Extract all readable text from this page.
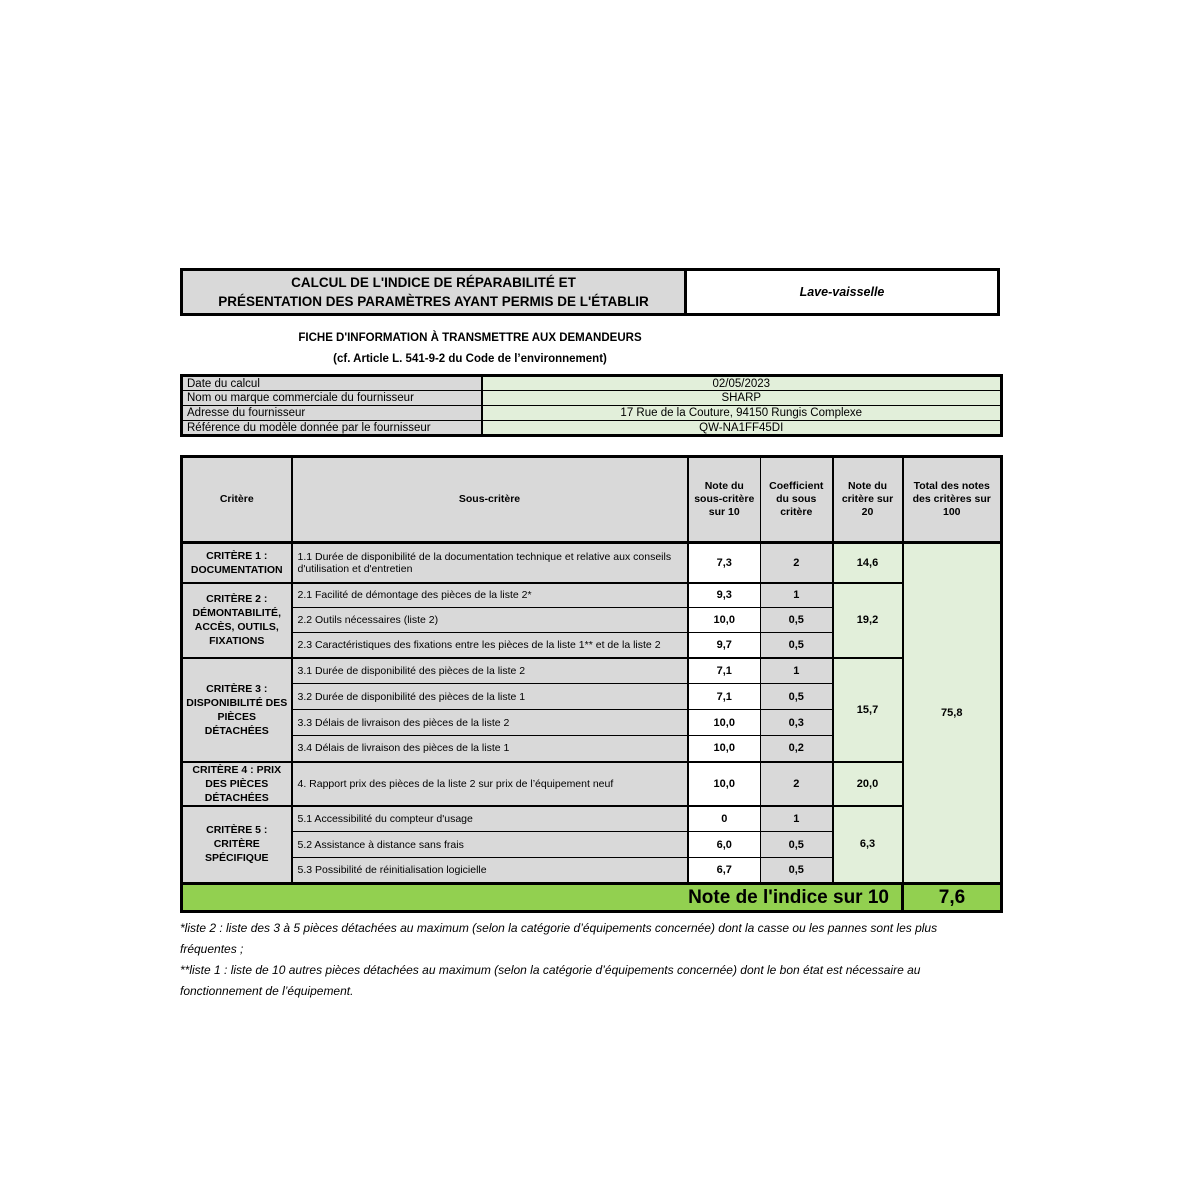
CALCUL DE L'INDICE DE RÉPARABILITÉ ET
PRÉSENTATION DES PARAMÈTRES AYANT PERMIS DE L'ÉTABLIR
Lave-vaisselle
FICHE D'INFORMATION À TRANSMETTRE AUX DEMANDEURS
(cf. Article L. 541-9-2 du Code de l’environnement)
Date du calcul	02/05/2023
Nom ou marque commerciale du fournisseur	SHARP
Adresse du fournisseur	17 Rue de la Couture, 94150 Rungis Complexe
Référence du modèle donnée par le fournisseur	QW-NA1FF45DI
Critère	Sous-critère	Note du sous-critère sur 10	Coefficient du sous critère	Note du critère sur 20	Total des notes des critères sur 100
CRITÈRE 1 : DOCUMENTATION	1.1 Durée de disponibilité de la documentation technique et relative aux conseils d'utilisation et d'entretien	7,3	2	14,6	75,8
CRITÈRE 2 : DÉMONTABILITÉ, ACCÈS, OUTILS, FIXATIONS	2.1 Facilité de démontage des pièces de la liste 2*	9,3	1	19,2	
	2.2 Outils nécessaires (liste 2)	10,0	0,5		
	2.3 Caractéristiques des fixations entre les pièces de la liste 1** et de la liste 2	9,7	0,5		
CRITÈRE 3 : DISPONIBILITÉ DES PIÈCES DÉTACHÉES	3.1 Durée de disponibilité des pièces de la liste 2	7,1	1	15,7	
	3.2 Durée de disponibilité des pièces de la liste 1	7,1	0,5		
	3.3 Délais de livraison des pièces de la liste 2	10,0	0,3		
	3.4 Délais de livraison des pièces de la liste 1	10,0	0,2		
CRITÈRE 4 : PRIX DES PIÈCES DÉTACHÉES	4. Rapport prix des pièces de la liste 2 sur prix de l’équipement neuf	10,0	2	20,0	
CRITÈRE 5 : CRITÈRE SPÉCIFIQUE	5.1 Accessibilité du compteur d'usage	0	1	6,3	
	5.2 Assistance à distance sans frais	6,0	0,5		
	5.3 Possibilité de réinitialisation logicielle	6,7	0,5		
Note de l'indice sur 10					7,6
*liste 2 : liste des 3 à 5 pièces détachées au maximum (selon la catégorie d’équipements concernée) dont la casse ou les pannes sont les plus fréquentes ;
**liste 1 : liste de 10 autres pièces détachées au maximum (selon la catégorie d’équipements concernée) dont le bon état est nécessaire au fonctionnement de l’équipement.
